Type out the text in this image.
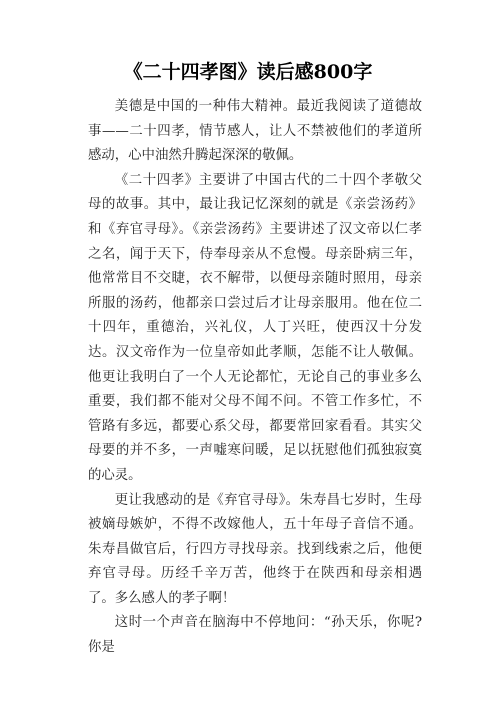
《二十四孝图》读后感800字

美德是中国的一种伟大精神。最近我阅读了道德故事——二十四孝，情节感人，让人不禁被他们的孝道所感动，心中油然升腾起深深的敬佩。

《二十四孝》主要讲了中国古代的二十四个孝敬父母的故事。其中，最让我记忆深刻的就是《亲尝汤药》和《弃官寻母》。《亲尝汤药》主要讲述了汉文帝以仁孝之名，闻于天下，侍奉母亲从不怠慢。母亲卧病三年，他常常目不交睫，衣不解带，以便母亲随时照用，母亲所服的汤药，他都亲口尝过后才让母亲服用。他在位二十四年，重德治，兴礼仪，人丁兴旺，使西汉十分发达。汉文帝作为一位皇帝如此孝顺，怎能不让人敬佩。他更让我明白了一个人无论都忙，无论自己的事业多么重要，我们都不能对父母不闻不问。不管工作多忙，不管路有多远，都要心系父母，都要常回家看看。其实父母要的并不多，一声嘘寒问暖，足以抚慰他们孤独寂寞的心灵。

更让我感动的是《弃官寻母》。朱寿昌七岁时，生母被嫡母嫉妒，不得不改嫁他人，五十年母子音信不通。朱寿昌做官后，行四方寻找母亲。找到线索之后，他便弃官寻母。历经千辛万苦，他终于在陕西和母亲相遇了。多么感人的孝子啊！

这时一个声音在脑海中不停地问：“孙天乐，你呢?你是
